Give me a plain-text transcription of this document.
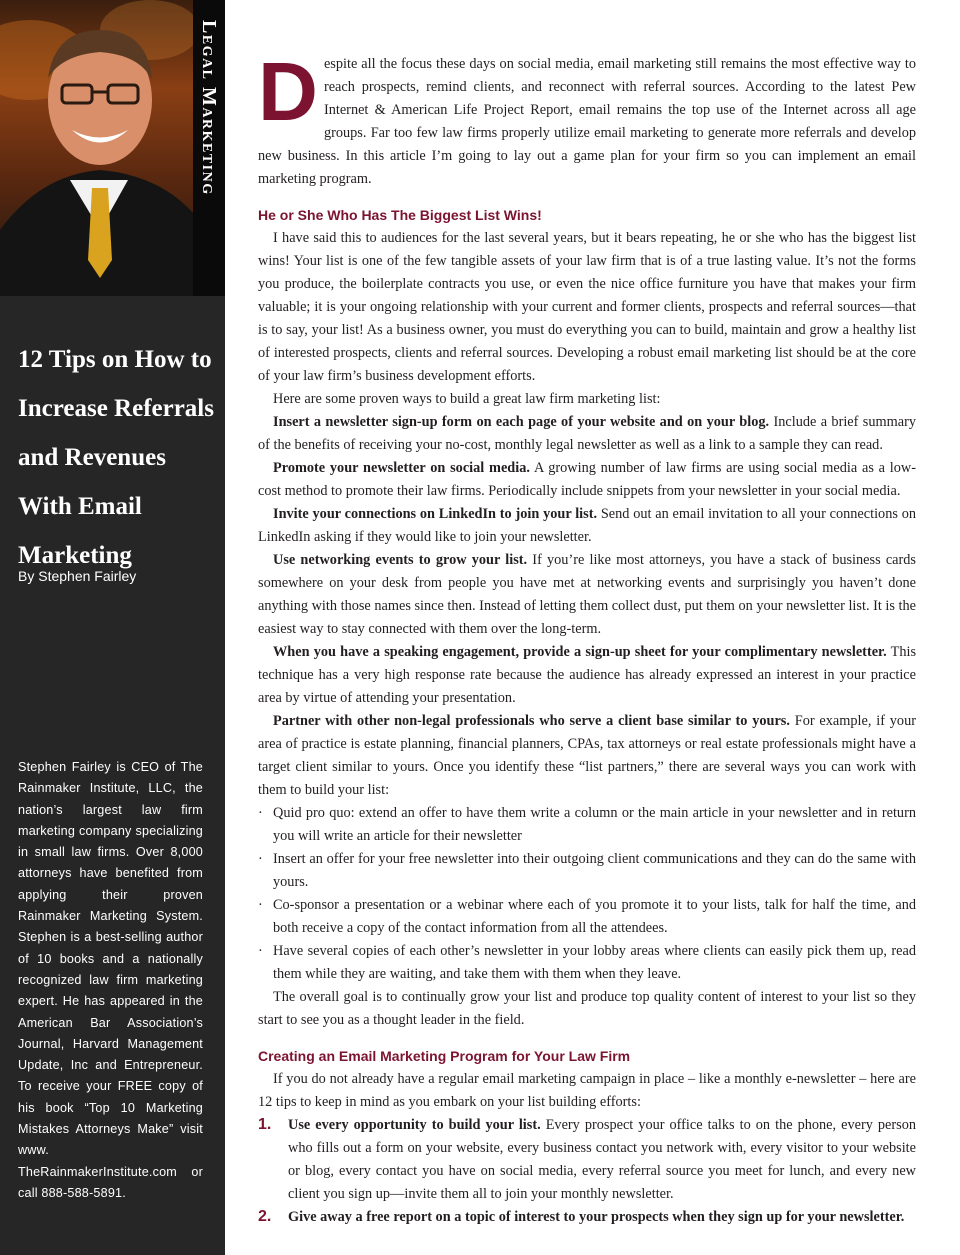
Legal Marketing
12 Tips on How to
Increase Referrals
and Revenues
With Email
Marketing
By Stephen Fairley
Stephen Fairley is CEO of The Rainmaker Institute, LLC, the nation’s largest law firm marketing company specializing in small law firms. Over 8,000 attorneys have benefited from applying their proven Rainmaker Marketing System. Stephen is a best-selling author of 10 books and a nationally recognized law firm marketing expert. He has appeared in the American Bar Association’s Journal, Harvard Management Update, Inc and Entrepreneur. To receive your FREE copy of his book “Top 10 Marketing Mistakes Attorneys Make” visit www. TheRainmakerInstitute.com or call 888-588-5891.

Despite all the focus these days on social media, email marketing still remains the most effective way to reach prospects, remind clients, and reconnect with referral sources. According to the latest Pew Internet & American Life Project Report, email remains the top use of the Internet across all age groups. Far too few law firms properly utilize email marketing to generate more referrals and develop new business. In this article I’m going to lay out a game plan for your firm so you can implement an email marketing program.

He or She Who Has The Biggest List Wins!

I have said this to audiences for the last several years, but it bears repeating, he or she who has the biggest list wins! Your list is one of the few tangible assets of your law firm that is of a true lasting value. It’s not the forms you produce, the boilerplate contracts you use, or even the nice office furniture you have that makes your firm valuable; it is your ongoing relationship with your current and former clients, prospects and referral sources—that is to say, your list! As a business owner, you must do everything you can to build, maintain and grow a healthy list of interested prospects, clients and referral sources. Developing a robust email marketing list should be at the core of your law firm’s business development efforts.

Here are some proven ways to build a great law firm marketing list:

Insert a newsletter sign-up form on each page of your website and on your blog. Include a brief summary of the benefits of receiving your no-cost, monthly legal newsletter as well as a link to a sample they can read.

Promote your newsletter on social media. A growing number of law firms are using social media as a low-cost method to promote their law firms. Periodically include snippets from your newsletter in your social media.

Invite your connections on LinkedIn to join your list. Send out an email invitation to all your connections on LinkedIn asking if they would like to join your newsletter.

Use networking events to grow your list. If you’re like most attorneys, you have a stack of business cards somewhere on your desk from people you have met at networking events and surprisingly you haven’t done anything with those names since then. Instead of letting them collect dust, put them on your newsletter list. It is the easiest way to stay connected with them over the long-term.

When you have a speaking engagement, provide a sign-up sheet for your complimentary newsletter. This technique has a very high response rate because the audience has already expressed an interest in your practice area by virtue of attending your presentation.

Partner with other non-legal professionals who serve a client base similar to yours. For example, if your area of practice is estate planning, financial planners, CPAs, tax attorneys or real estate professionals might have a target client similar to yours. Once you identify these “list partners,” there are several ways you can work with them to build your list:

· Quid pro quo: extend an offer to have them write a column or the main article in your newsletter and in return you will write an article for their newsletter
· Insert an offer for your free newsletter into their outgoing client communications and they can do the same with yours.
· Co-sponsor a presentation or a webinar where each of you promote it to your lists, talk for half the time, and both receive a copy of the contact information from all the attendees.
· Have several copies of each other’s newsletter in your lobby areas where clients can easily pick them up, read them while they are waiting, and take them with them when they leave.

The overall goal is to continually grow your list and produce top quality content of interest to your list so they start to see you as a thought leader in the field.

Creating an Email Marketing Program for Your Law Firm

If you do not already have a regular email marketing campaign in place – like a monthly e-newsletter – here are 12 tips to keep in mind as you embark on your list building efforts:

1. Use every opportunity to build your list. Every prospect your office talks to on the phone, every person who fills out a form on your website, every business contact you network with, every visitor to your website or blog, every contact you have on social media, every referral source you meet for lunch, and every new client you sign up—invite them all to join your monthly newsletter.
2. Give away a free report on a topic of interest to your prospects when they sign up for your newsletter.
